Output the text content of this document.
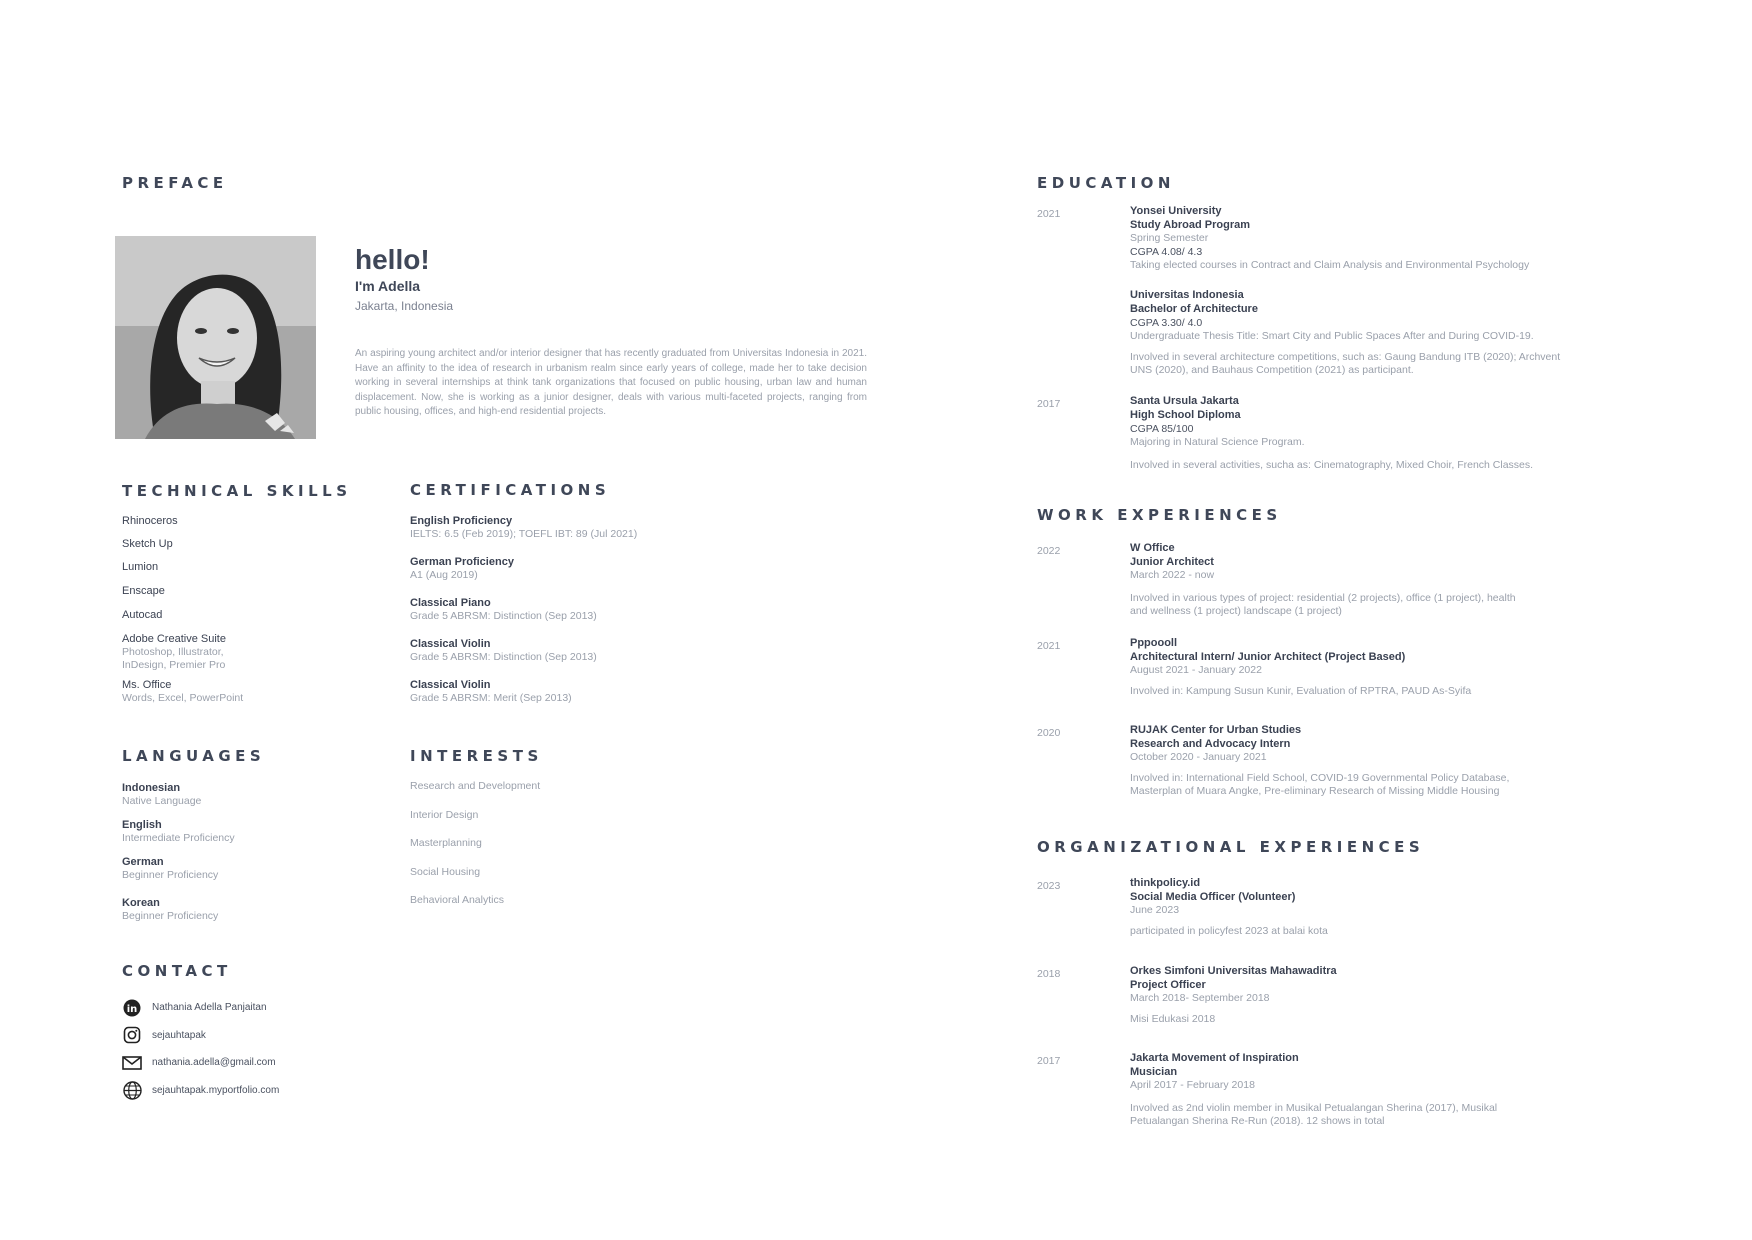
PREFACE
hello!
I'm Adella
Jakarta, Indonesia

An aspiring young architect and/or interior designer that has recently graduated from Universitas Indonesia in 2021. Have an affinity to the idea of research in urbanism realm since early years of college, made her to take decision working in several internships at think tank organizations that focused on public housing, urban law and human displacement. Now, she is working as a junior designer, deals with various multi-faceted projects, ranging from public housing, offices, and high-end residential projects.

TECHNICAL SKILLS
Rhinoceros
Sketch Up
Lumion
Enscape
Autocad
Adobe Creative Suite
Photoshop, Illustrator, InDesign, Premier Pro
Ms. Office
Words, Excel, PowerPoint
CERTIFICATIONS
English Proficiency
IELTS: 6.5 (Feb 2019); TOEFL IBT: 89 (Jul 2021)
German Proficiency
A1 (Aug 2019)
Classical Piano
Grade 5 ABRSM: Distinction (Sep 2013)
Classical Violin
Grade 5 ABRSM: Distinction (Sep 2013)
Classical Violin
Grade 5 ABRSM: Merit (Sep 2013)
LANGUAGES
Indonesian
Native Language
English
Intermediate Proficiency
German
Beginner Proficiency
Korean
Beginner Proficiency
INTERESTS
Research and Development
Interior Design
Masterplanning
Social Housing
Behavioral Analytics
CONTACT
in Nathania Adella Panjaitan
sejauhtapak
nathania.adella@gmail.com
sejauhtapak.myportfolio.com
EDUCATION
2021	Yonsei University
Study Abroad Program
Spring Semester
CGPA 4.08/ 4.3
Taking elected courses in Contract and Claim Analysis and Environmental Psychology
Universitas Indonesia
Bachelor of Architecture
CGPA 3.30/ 4.0
Undergraduate Thesis Title: Smart City and Public Spaces After and During COVID-19.
Involved in several architecture competitions, such as: Gaung Bandung ITB (2020); Archvent UNS (2020), and Bauhaus Competition (2021) as participant.
2017	Santa Ursula Jakarta
High School Diploma
CGPA 85/100
Majoring in Natural Science Program.
Involved in several activities, sucha as: Cinematography, Mixed Choir, French Classes.
WORK EXPERIENCES
2022	W Office
Junior Architect
March 2022 - now
Involved in various types of project: residential (2 projects), office (1 project), health and wellness (1 project) landscape (1 project)
2021	Pppoooll
Architectural Intern/ Junior Architect (Project Based)
August 2021 - January 2022
Involved in: Kampung Susun Kunir, Evaluation of RPTRA, PAUD As-Syifa
2020	RUJAK Center for Urban Studies
Research and Advocacy Intern
October 2020 - January 2021
Involved in: International Field School, COVID-19 Governmental Policy Database, Masterplan of Muara Angke, Pre-eliminary Research of Missing Middle Housing
ORGANIZATIONAL EXPERIENCES
2023	thinkpolicy.id
Social Media Officer (Volunteer)
June 2023
participated in policyfest 2023 at balai kota
2018	Orkes Simfoni Universitas Mahawaditra
Project Officer
March 2018- September 2018
Misi Edukasi 2018
2017	Jakarta Movement of Inspiration
Musician
April 2017 - February 2018
Involved as 2nd violin member in Musikal Petualangan Sherina (2017), Musikal Petualangan Sherina Re-Run (2018). 12 shows in total
